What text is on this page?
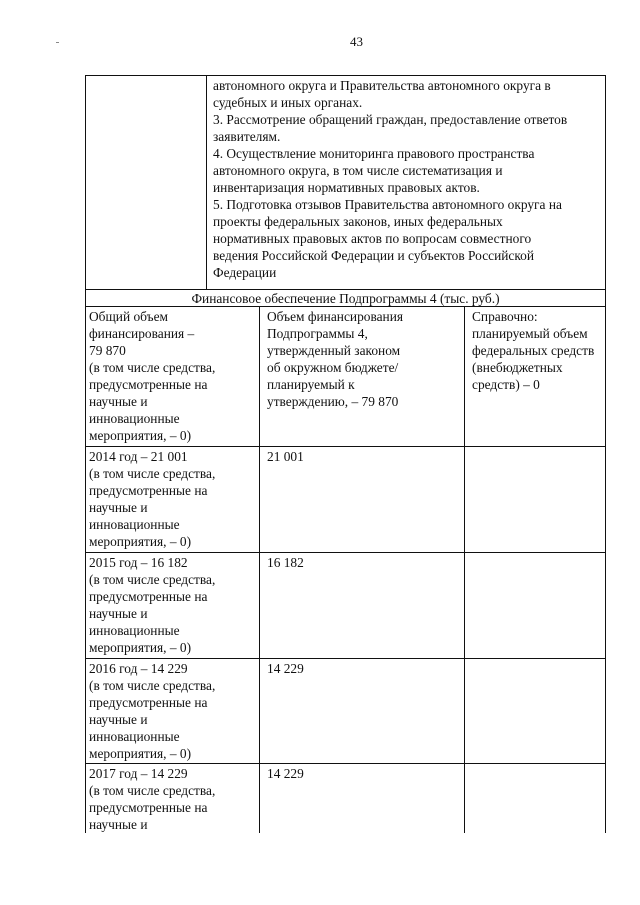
43
автономного округа и Правительства автономного округа в
судебных и иных органах.
3. Рассмотрение обращений граждан, предоставление ответов
заявителям.
4. Осуществление мониторинга правового пространства
автономного округа, в том числе систематизация и
инвентаризация нормативных правовых актов.
5. Подготовка отзывов Правительства автономного округа на
проекты федеральных законов, иных федеральных
нормативных правовых актов по вопросам совместного
ведения Российской Федерации и субъектов Российской
Федерации
Финансовое обеспечение Подпрограммы 4 (тыс. руб.)
Общий объем
финансирования –
79 870
(в том числе средства,
предусмотренные на
научные и
инновационные
мероприятия, – 0)
Объем финансирования
Подпрограммы 4,
утвержденный законом
об окружном бюджете/
планируемый к
утверждению, – 79 870
Справочно:
планируемый объем
федеральных средств
(внебюджетных
средств) – 0
2014 год – 21 001
(в том числе средства,
предусмотренные на
научные и
инновационные
мероприятия, – 0)
21 001
2015 год – 16 182
(в том числе средства,
предусмотренные на
научные и
инновационные
мероприятия, – 0)
16 182
2016 год – 14 229
(в том числе средства,
предусмотренные на
научные и
инновационные
мероприятия, – 0)
14 229
2017 год – 14 229
(в том числе средства,
предусмотренные на
научные и
14 229
